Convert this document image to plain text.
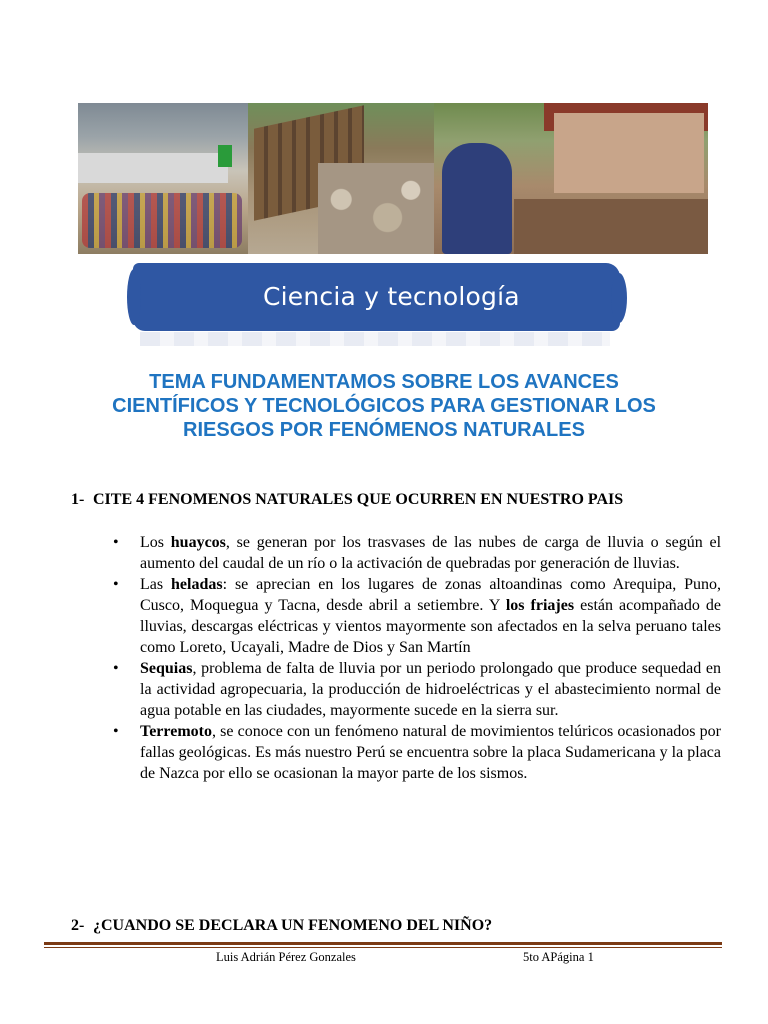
Ciencia y tecnología
TEMA FUNDAMENTAMOS SOBRE LOS AVANCES
CIENTÍFICOS Y TECNOLÓGICOS PARA GESTIONAR LOS
RIESGOS POR FENÓMENOS NATURALES

1- CITE 4 FENOMENOS NATURALES QUE OCURREN EN NUESTRO PAIS

• Los huaycos, se generan por los trasvases de las nubes de carga de lluvia o según el aumento del caudal de un río o la activación de quebradas por generación de lluvias.
• Las heladas: se aprecian en los lugares de zonas altoandinas como Arequipa, Puno, Cusco, Moquegua y Tacna, desde abril a setiembre. Y los friajes están acompañado de lluvias, descargas eléctricas y vientos mayormente son afectados en la selva peruano tales como Loreto, Ucayali, Madre de Dios y San Martín
• Sequias, problema de falta de lluvia por un periodo prolongado que produce sequedad en la actividad agropecuaria, la producción de hidroeléctricas y el abastecimiento normal de agua potable en las ciudades, mayormente sucede en la sierra sur.
• Terremoto, se conoce con un fenómeno natural de movimientos telúricos ocasionados por fallas geológicas. Es más nuestro Perú se encuentra sobre la placa Sudamericana y la placa de Nazca por ello se ocasionan la mayor parte de los sismos.

2- ¿CUANDO SE DECLARA UN FENOMENO DEL NIÑO?

Luis Adrián Pérez Gonzales	5to APágina 1
